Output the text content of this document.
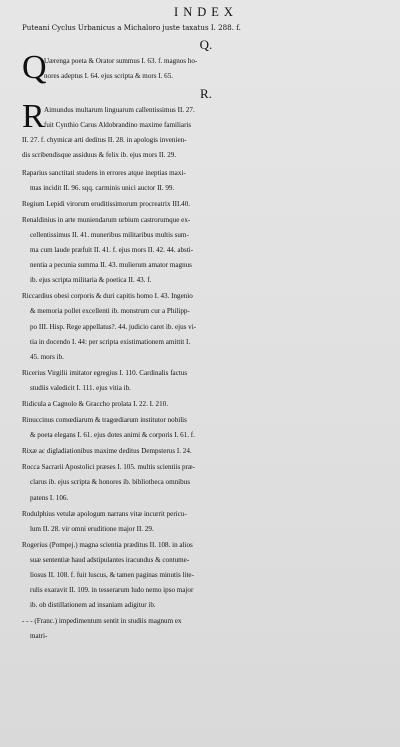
INDEX
Puteani Cyclus Urbanicus a Michaloro juste taxatus I. 288. f.
Q.
Q
Uærenga poeta & Orator summus I. 63. f. magnos ho-
nores adeptus I. 64. ejus scripta & mors I. 65.
R.
R Aimundus multarum linguarum callentissimus II. 27.
fuit Cynthio Carus Aldobrandino maxime familiaris
II. 27. f. chymicæ arti deditus II. 28. in apologis invenien-
dis scribendisque assiduus & felix ib. ejus mors II. 29.
Raparius sanctitati studens in errores atque ineptias maxi-
mas incidit II. 96. sqq. carminis unici auctor II. 99.
Regium Lepidi virorum eruditissimorum procreatrix III.40.
Renaldinius in arte muniendarum urbium castrorumque ex-
cellentissimus II. 41. muneribus militaribus multis sum-
ma cum laude præfuit II. 41. f. ejus mors II. 42. 44. absti-
nentia a pecunia summa II. 43. mulierum amator magnus
ib. ejus scripta militaria & poetica II. 43. f.
Riccardius obesi corporis & duri capitis homo I. 43. Ingenio
& memoria pollet excellenti ib. monstrum cur a Philipp-
po III. Hisp. Rege appellatus?. 44. judicio caret ib. ejus vi-
tia in docendo I. 44: per scripta existimationem amittit I.
45. mors ib.
Ricerius Virgilii imitator egregius I. 110. Cardinalis factus
studiis valedicit I. 111. ejus vitia ib.
Ridicula a Cagnolo & Graccho prolata I. 22. I. 210.
Rinuccinus comœdiarum & tragœdiarum institutor nobilis
& poeta elegans I. 61. ejus dotes animi & corporis I. 61. f.
Rixæ ac digladiationibus maxime deditus Dempsterus I. 24.
Rocca Sacrarii Apostolici præses I. 105. multis scientiis præ-
clarus ib. ejus scripta & honores ib. bibliotheca omnibus
patens I. 106.
Rodulphius vetulæ apologum narrans vitæ incurrit pericu-
lum II. 28. vir omni eruditione major II. 29.
Rogerius (Pompej.) magna scientia præditus II. 108. in alios
suæ sententiæ haud adstipulantes iracundus & contume-
liosus II. 108. f. fuit luscus, & tamen paginas minutis lite-
rulis exaravit II. 109. in tesserarum ludo nemo ipso major
ib. ob distillationem ad insaniam adigitur ib.
- - - (Franc.) impedimentum sentit in studiis magnum ex
matri-
